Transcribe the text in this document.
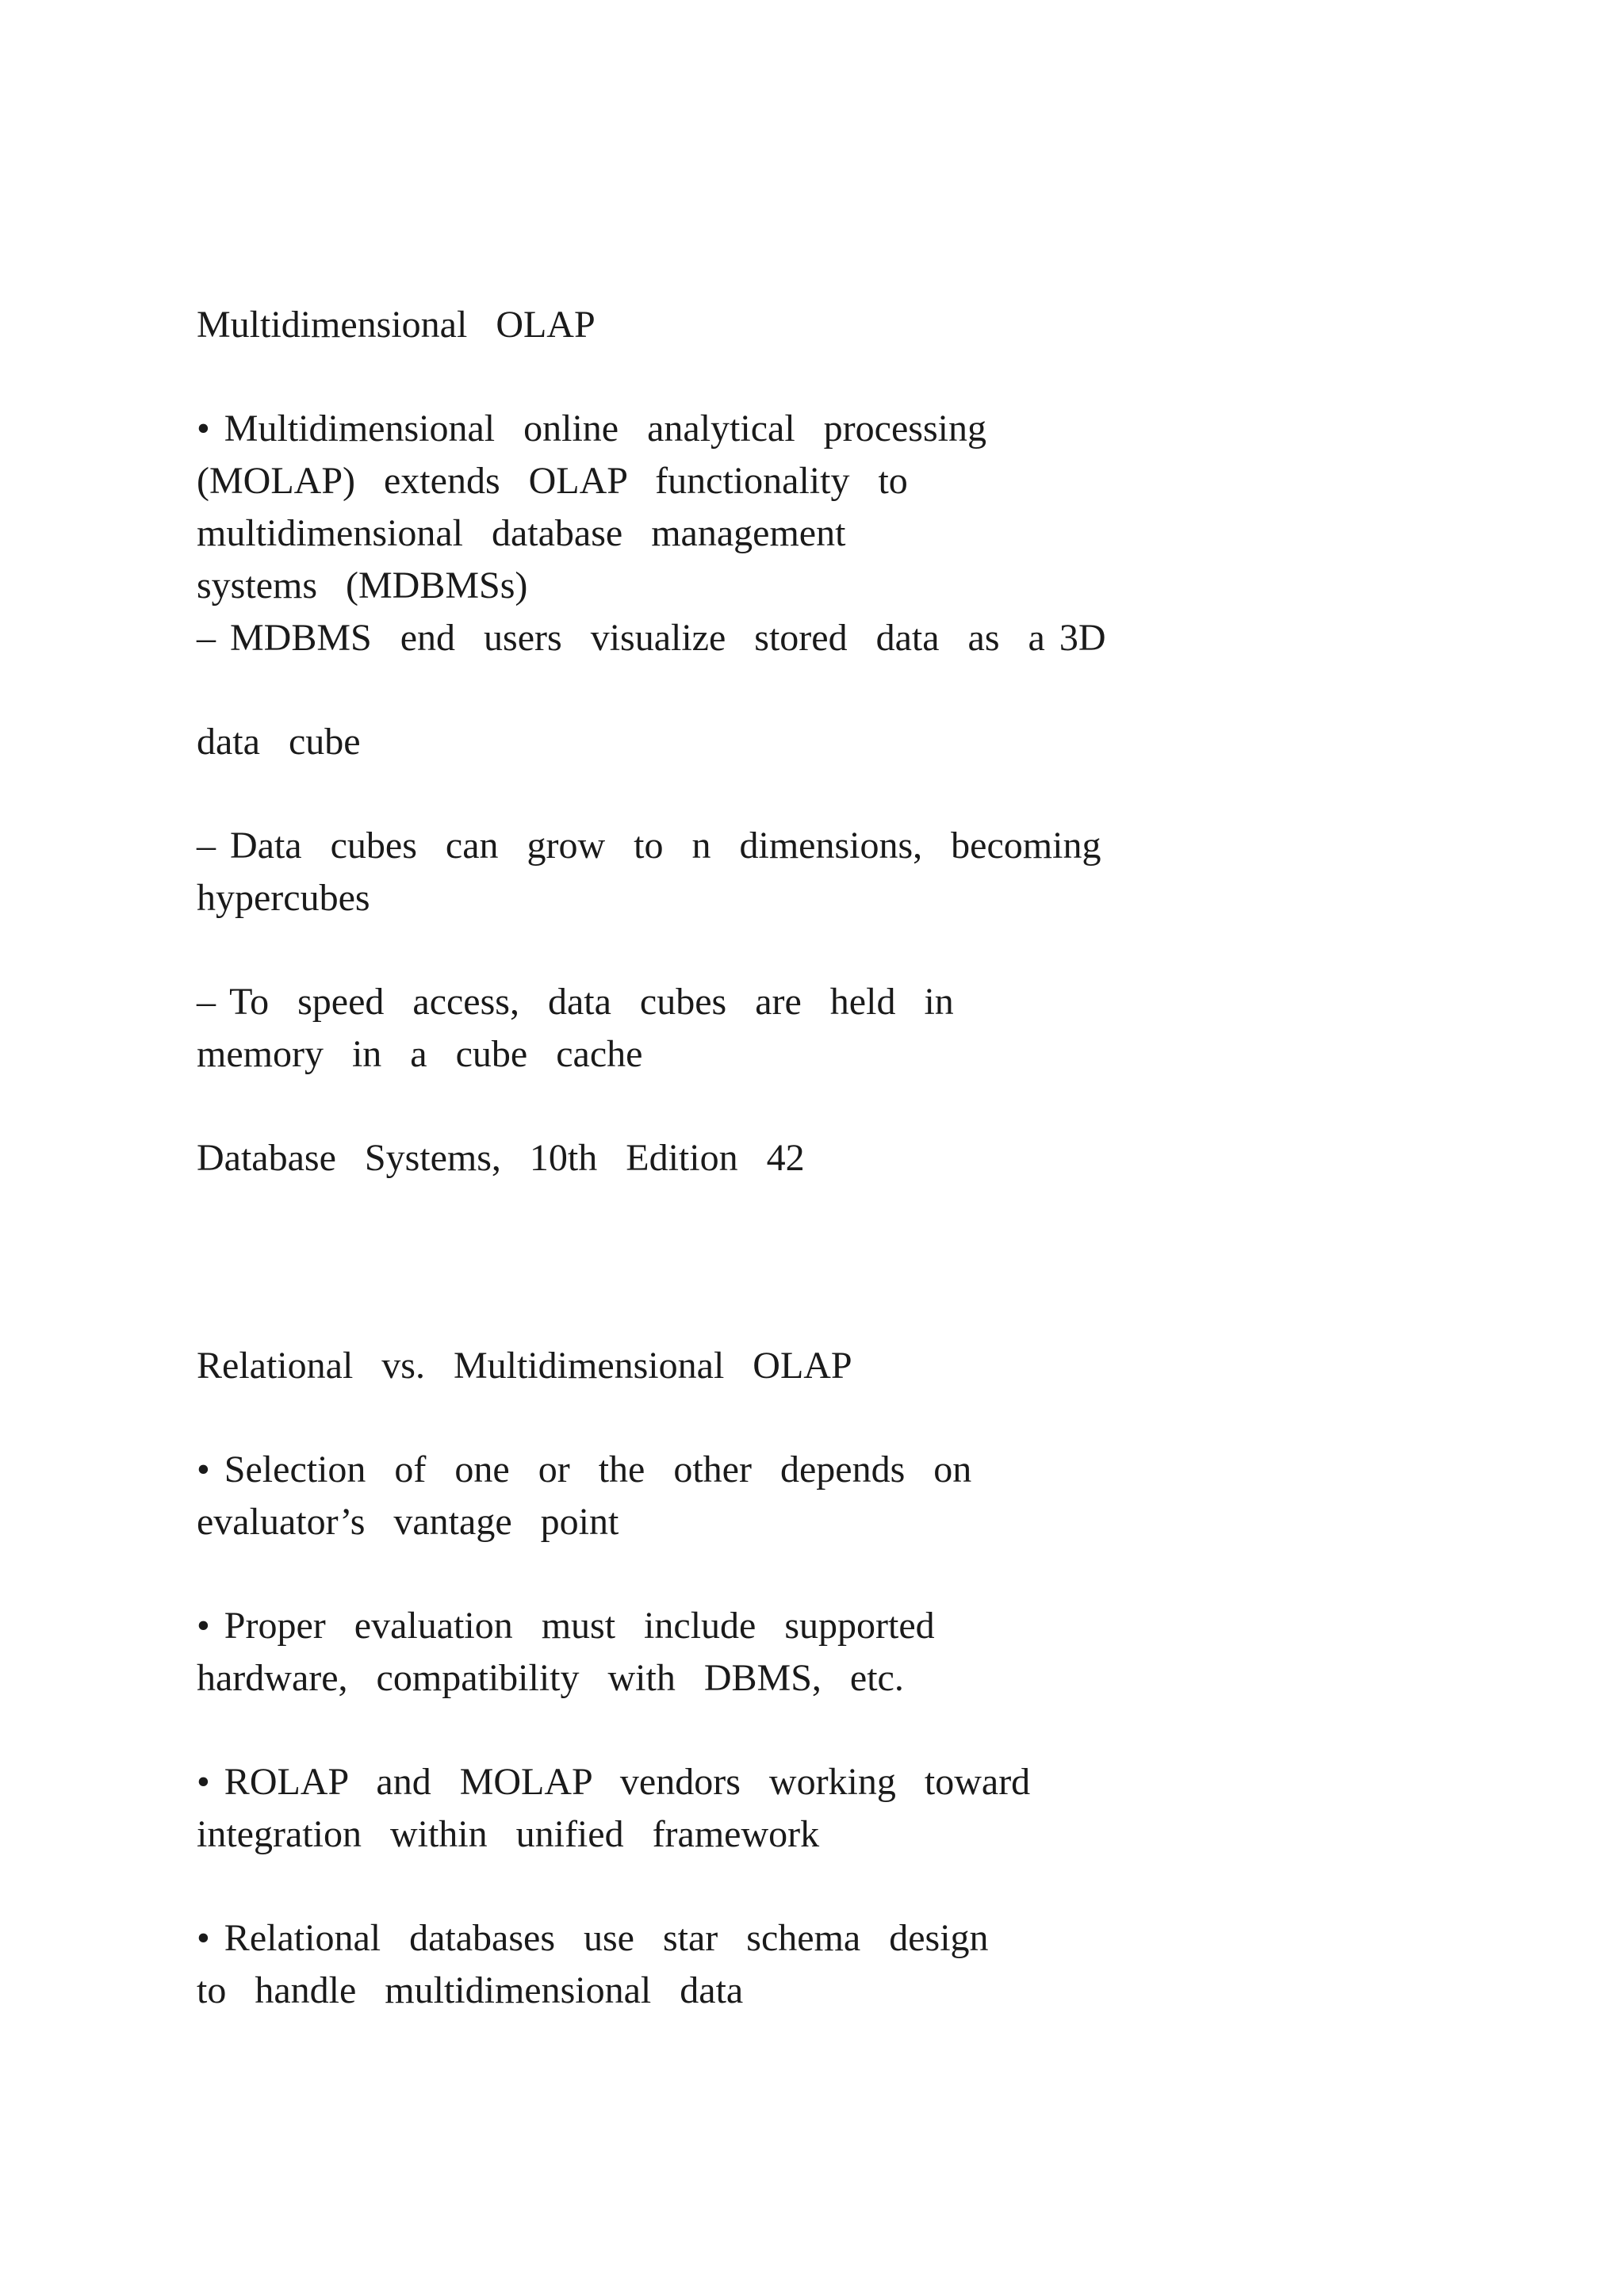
Multidimensional  OLAP

• Multidimensional  online  analytical  processing

(MOLAP)  extends  OLAP  functionality  to

multidimensional  database  management

systems  (MDBMSs)

– MDBMS  end  users  visualize  stored  data  as  a 3D

data  cube

– Data  cubes  can  grow  to  n  dimensions,  becoming

hypercubes

– To  speed  access,  data  cubes  are  held  in

memory  in  a  cube  cache

Database  Systems,  10th  Edition  42

Relational  vs.  Multidimensional  OLAP

• Selection  of  one  or  the  other  depends  on

evaluator’s  vantage  point

• Proper  evaluation  must  include  supported

hardware,  compatibility  with  DBMS,  etc.

• ROLAP  and  MOLAP  vendors  working  toward

integration  within  unified  framework

• Relational  databases  use  star  schema  design

to  handle  multidimensional  data
